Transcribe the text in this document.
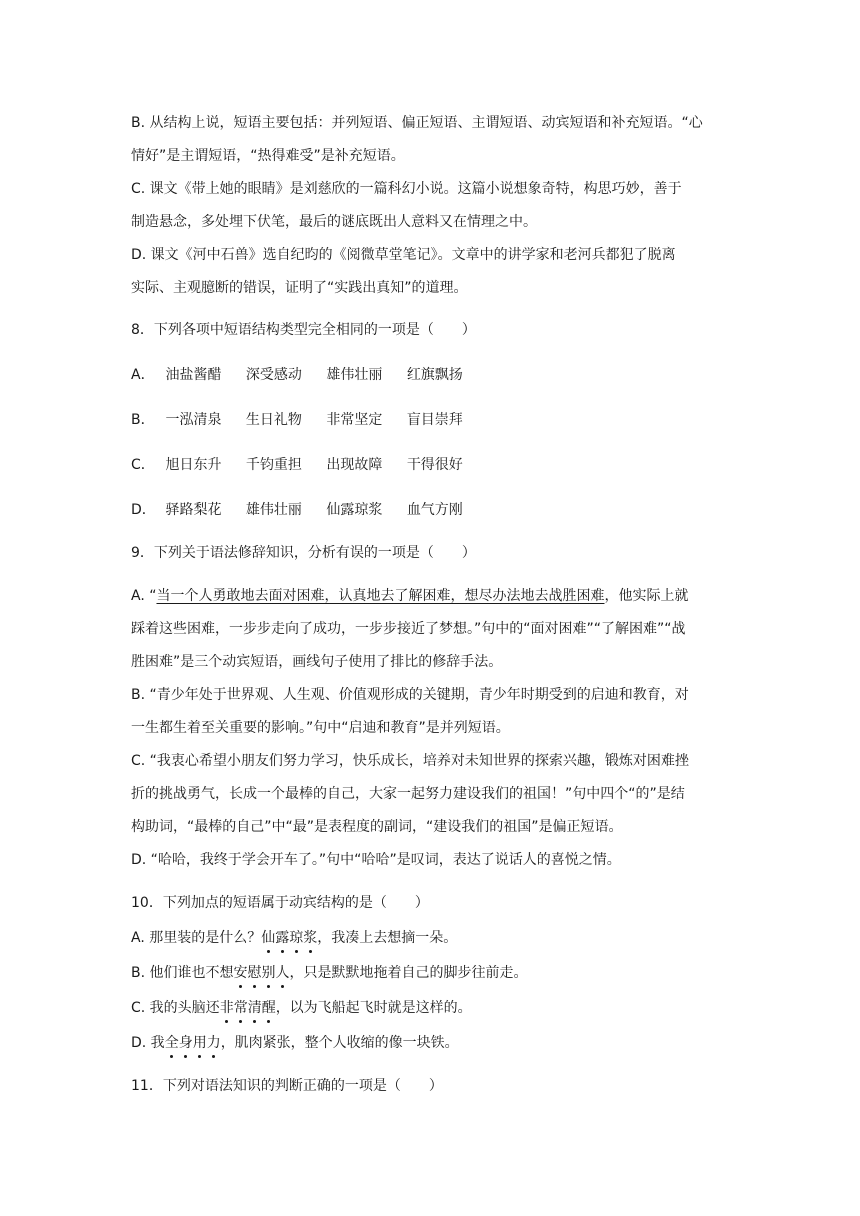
B. 从结构上说，短语主要包括：并列短语、偏正短语、主谓短语、动宾短语和补充短语。“心
情好”是主谓短语，“热得难受”是补充短语。
C. 课文《带上她的眼睛》是刘慈欣的一篇科幻小说。这篇小说想象奇特，构思巧妙，善于
制造悬念，多处埋下伏笔，最后的谜底既出人意料又在情理之中。
D. 课文《河中石兽》选自纪昀的《阅微草堂笔记》。文章中的讲学家和老河兵都犯了脱离
实际、主观臆断的错误，证明了“实践出真知”的道理。
8．下列各项中短语结构类型完全相同的一项是（　　）
A． 油盐酱醋 深受感动 雄伟壮丽 红旗飘扬
B． 一泓清泉 生日礼物 非常坚定 盲目崇拜
C． 旭日东升 千钧重担 出现故障 干得很好
D． 驿路梨花 雄伟壮丽 仙露琼浆 血气方刚
9．下列关于语法修辞知识，分析有误的一项是（　　）
A. “当一个人勇敢地去面对困难，认真地去了解困难，想尽办法地去战胜困难，他实际上就
踩着这些困难，一步步走向了成功，一步步接近了梦想。”句中的“面对困难”“了解困难”“战
胜困难”是三个动宾短语，画线句子使用了排比的修辞手法。
B. “青少年处于世界观、人生观、价值观形成的关键期，青少年时期受到的启迪和教育，对
一生都生着至关重要的影响。”句中“启迪和教育”是并列短语。
C. “我衷心希望小朋友们努力学习，快乐成长，培养对未知世界的探索兴趣，锻炼对困难挫
折的挑战勇气，长成一个最棒的自己，大家一起努力建设我们的祖国！”句中四个“的”是结
构助词，“最棒的自己”中“最”是表程度的副词，“建设我们的祖国”是偏正短语。
D. “哈哈，我终于学会开车了。”句中“哈哈”是叹词，表达了说话人的喜悦之情。
10．下列加点的短语属于动宾结构的是（　　）
A. 那里装的是什么？仙露琼浆，我凑上去想摘一朵。
B. 他们谁也不想安慰别人，只是默默地拖着自己的脚步往前走。
C. 我的头脑还非常清醒，以为飞船起飞时就是这样的。
D. 我全身用力，肌肉紧张，整个人收缩的像一块铁。
11．下列对语法知识的判断正确的一项是（　　）
